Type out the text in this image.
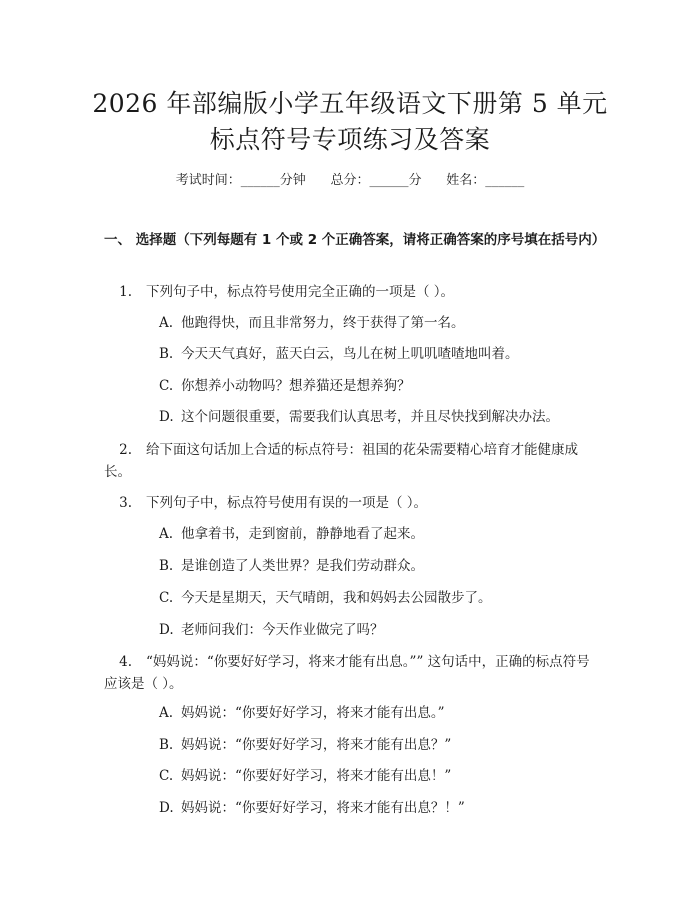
2026 年部编版小学五年级语文下册第 5 单元
标点符号专项练习及答案
考试时间：______分钟      总分：______分      姓名：______
一、 选择题（下列每题有 1 个或 2 个正确答案，请将正确答案的序号填在括号内）
1. 下列句子中，标点符号使用完全正确的一项是（ ）。
A. 他跑得快，而且非常努力，终于获得了第一名。
B. 今天天气真好，蓝天白云，鸟儿在树上叽叽喳喳地叫着。
C. 你想养小动物吗？想养猫还是想养狗？
D. 这个问题很重要，需要我们认真思考，并且尽快找到解决办法。
2. 给下面这句话加上合适的标点符号：祖国的花朵需要精心培育才能健康成长。
3. 下列句子中，标点符号使用有误的一项是（ ）。
A. 他拿着书，走到窗前，静静地看了起来。
B. 是谁创造了人类世界？是我们劳动群众。
C. 今天是星期天，天气晴朗，我和妈妈去公园散步了。
D. 老师问我们：今天作业做完了吗？
4. “妈妈说：“你要好好学习，将来才能有出息。”” 这句话中，正确的标点符号应该是（ ）。
A. 妈妈说：“你要好好学习，将来才能有出息。”
B. 妈妈说：“你要好好学习，将来才能有出息？”
C. 妈妈说：“你要好好学习，将来才能有出息！”
D. 妈妈说：“你要好好学习，将来才能有出息？！”
